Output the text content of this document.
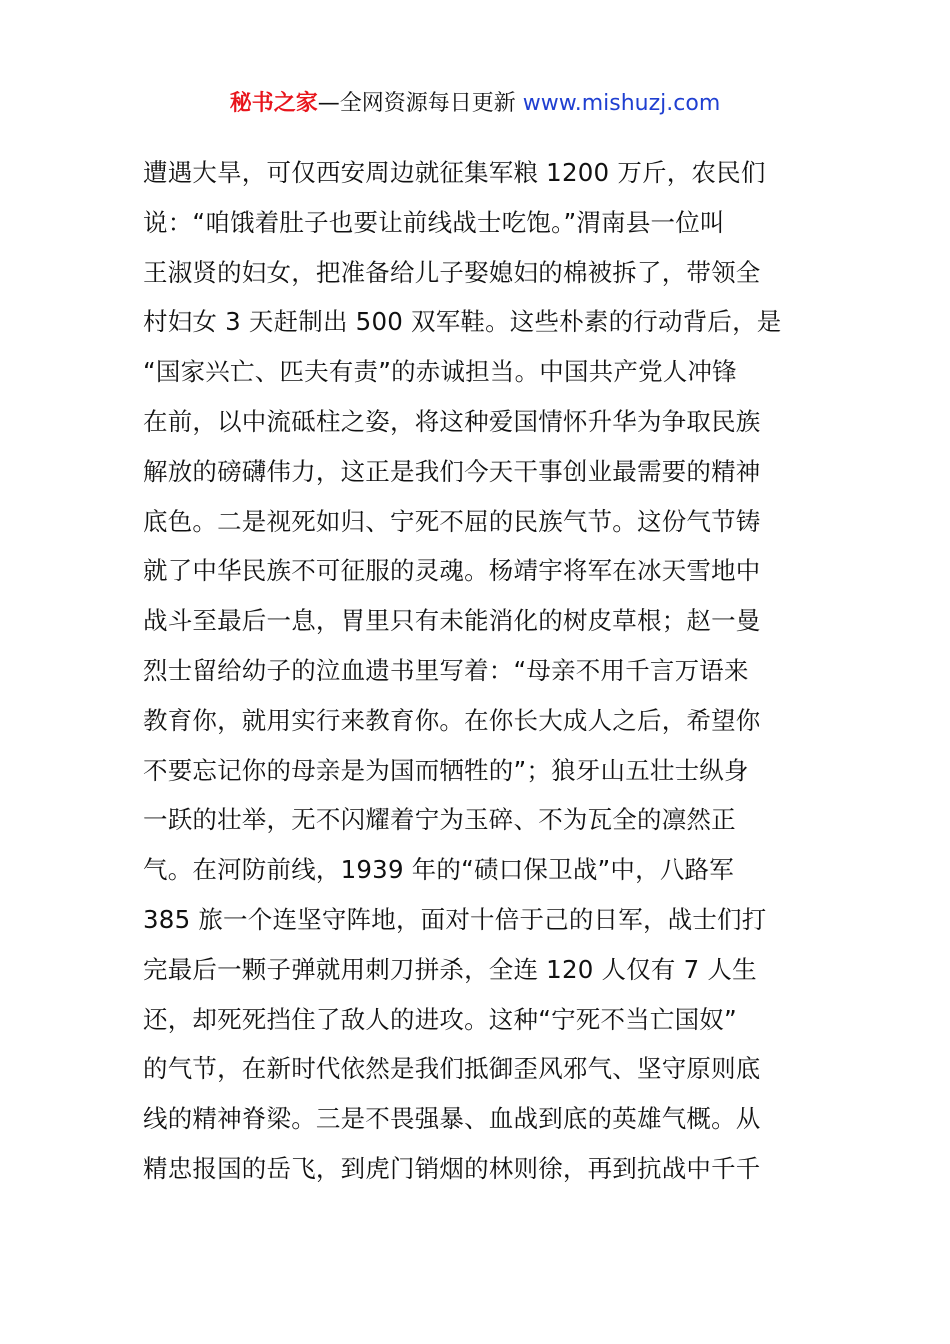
秘书之家—全网资源每日更新 www.mishuzj.com
遭遇大旱，可仅西安周边就征集军粮 1200 万斤，农民们
说：“咱饿着肚子也要让前线战士吃饱。”渭南县一位叫
王淑贤的妇女，把准备给儿子娶媳妇的棉被拆了，带领全
村妇女 3 天赶制出 500 双军鞋。这些朴素的行动背后，是
“国家兴亡、匹夫有责”的赤诚担当。中国共产党人冲锋
在前，以中流砥柱之姿，将这种爱国情怀升华为争取民族
解放的磅礴伟力，这正是我们今天干事创业最需要的精神
底色。二是视死如归、宁死不屈的民族气节。这份气节铸
就了中华民族不可征服的灵魂。杨靖宇将军在冰天雪地中
战斗至最后一息，胃里只有未能消化的树皮草根；赵一曼
烈士留给幼子的泣血遗书里写着：“母亲不用千言万语来
教育你，就用实行来教育你。在你长大成人之后，希望你
不要忘记你的母亲是为国而牺牲的”；狼牙山五壮士纵身
一跃的壮举，无不闪耀着宁为玉碎、不为瓦全的凛然正
气。在河防前线，1939 年的“碛口保卫战”中，八路军
385 旅一个连坚守阵地，面对十倍于己的日军，战士们打
完最后一颗子弹就用刺刀拼杀，全连 120 人仅有 7 人生
还，却死死挡住了敌人的进攻。这种“宁死不当亡国奴”
的气节，在新时代依然是我们抵御歪风邪气、坚守原则底
线的精神脊梁。三是不畏强暴、血战到底的英雄气概。从
精忠报国的岳飞，到虎门销烟的林则徐，再到抗战中千千
